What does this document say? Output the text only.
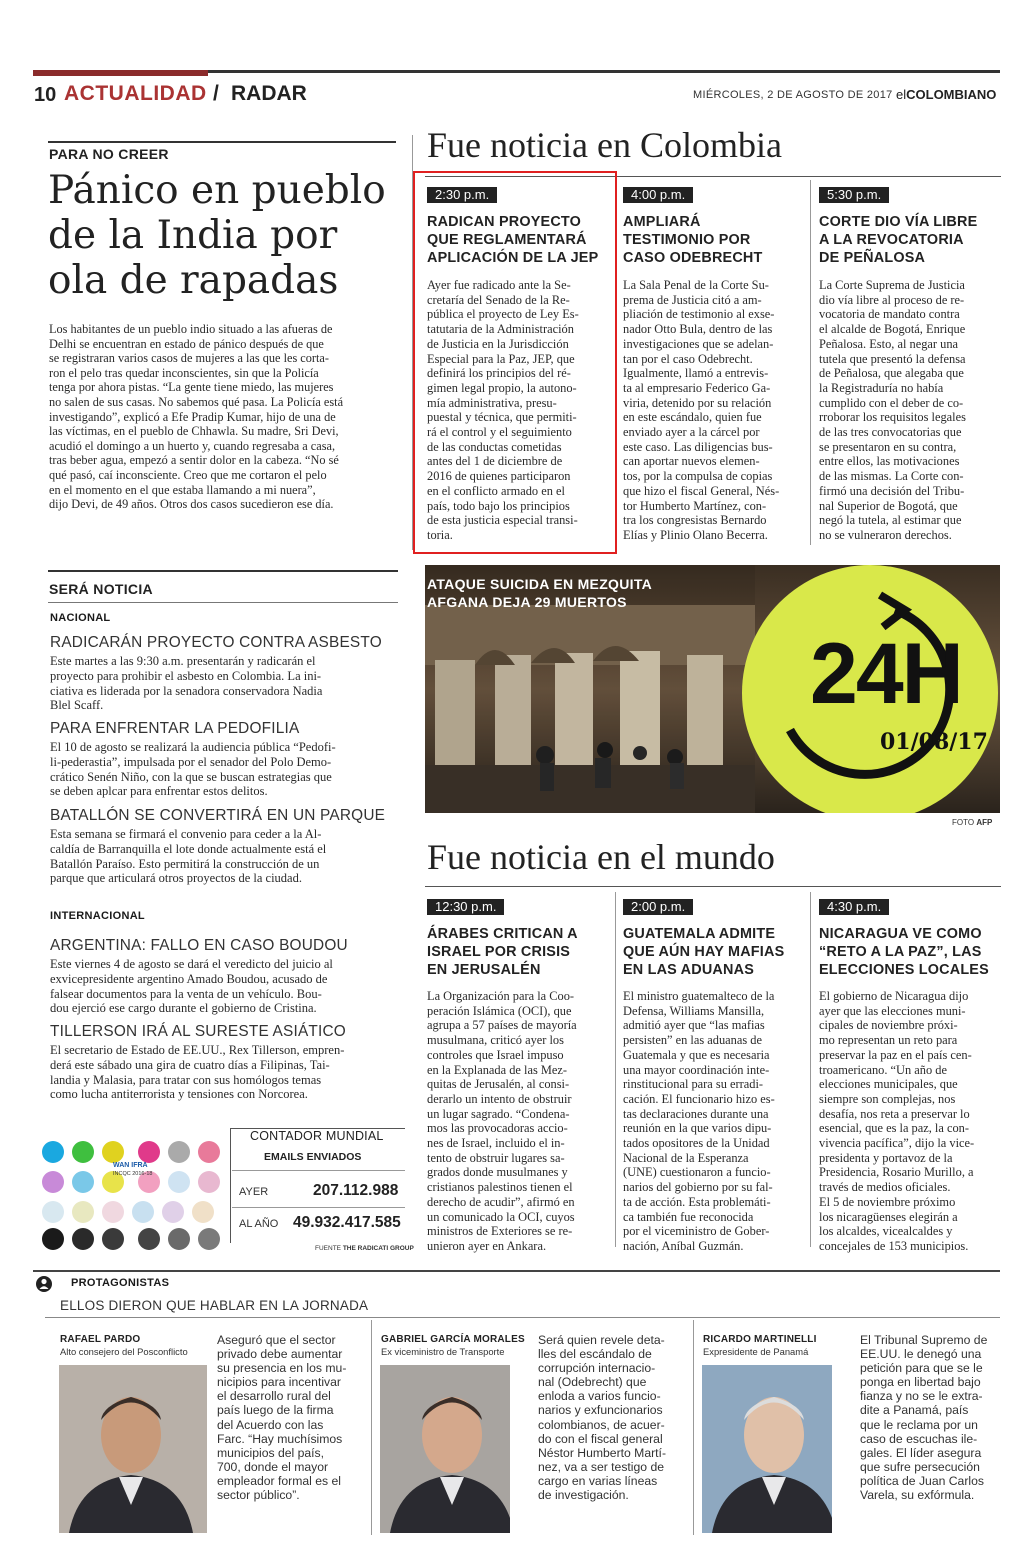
10 ACTUALIDAD / RADAR	MIÉRCOLES, 2 DE AGOSTO DE 2017 elCOLOMBIANO
PARA NO CREER
Pánico en pueblo
de la India por
ola de rapadas
Los habitantes de un pueblo indio situado a las afueras de
Delhi se encuentran en estado de pánico después de que
se registraran varios casos de mujeres a las que les corta-
ron el pelo tras quedar inconscientes, sin que la Policía
tenga por ahora pistas. “La gente tiene miedo, las mujeres
no salen de sus casas. No sabemos qué pasa. La Policía está
investigando”, explicó a Efe Pradip Kumar, hijo de una de
las víctimas, en el pueblo de Chhawla. Su madre, Sri Devi,
acudió el domingo a un huerto y, cuando regresaba a casa,
tras beber agua, empezó a sentir dolor en la cabeza. “No sé
qué pasó, caí inconsciente. Creo que me cortaron el pelo
en el momento en el que estaba llamando a mi nuera”,
dijo Devi, de 49 años. Otros dos casos sucedieron ese día.
Fue noticia en Colombia
2:30 p.m.
RADICAN PROYECTO
QUE REGLAMENTARÁ
APLICACIÓN DE LA JEP
Ayer fue radicado ante la Se-
cretaría del Senado de la Re-
pública el proyecto de Ley Es-
tatutaria de la Administración
de Justicia en la Jurisdicción
Especial para la Paz, JEP, que
definirá los principios del ré-
gimen legal propio, la autono-
mía administrativa, presu-
puestal y técnica, que permiti-
rá el control y el seguimiento
de las conductas cometidas
antes del 1 de diciembre de
2016 de quienes participaron
en el conflicto armado en el
país, todo bajo los principios
de esta justicia especial transi-
toria.
4:00 p.m.
AMPLIARÁ
TESTIMONIO POR
CASO ODEBRECHT
La Sala Penal de la Corte Su-
prema de Justicia citó a am-
pliación de testimonio al exse-
nador Otto Bula, dentro de las
investigaciones que se adelan-
tan por el caso Odebrecht.
Igualmente, llamó a entrevis-
ta al empresario Federico Ga-
viria, detenido por su relación
en este escándalo, quien fue
enviado ayer a la cárcel por
este caso. Las diligencias bus-
can aportar nuevos elemen-
tos, por la compulsa de copias
que hizo el fiscal General, Nés-
tor Humberto Martínez, con-
tra los congresistas Bernardo
Elías y Plinio Olano Becerra.
5:30 p.m.
CORTE DIO VÍA LIBRE
A LA REVOCATORIA
DE PEÑALOSA
La Corte Suprema de Justicia
dio vía libre al proceso de re-
vocatoria de mandato contra
el alcalde de Bogotá, Enrique
Peñalosa. Esto, al negar una
tutela que presentó la defensa
de Peñalosa, que alegaba que
la Registraduría no había
cumplido con el deber de co-
rroborar los requisitos legales
de las tres convocatorias que
se presentaron en su contra,
entre ellos, las motivaciones
de las mismas. La Corte con-
firmó una decisión del Tribu-
nal Superior de Bogotá, que
negó la tutela, al estimar que
no se vulneraron derechos.
SERÁ NOTICIA
NACIONAL
RADICARÁN PROYECTO CONTRA ASBESTO
Este martes a las 9:30 a.m. presentarán y radicarán el
proyecto para prohibir el asbesto en Colombia. La ini-
ciativa es liderada por la senadora conservadora Nadia
Blel Scaff.
PARA ENFRENTAR LA PEDOFILIA
El 10 de agosto se realizará la audiencia pública “Pedofi-
li-pederastia”, impulsada por el senador del Polo Demo-
crático Senén Niño, con la que se buscan estrategias que
se deben aplcar para enfrentar estos delitos.
BATALLÓN SE CONVERTIRÁ EN UN PARQUE
Esta semana se firmará el convenio para ceder a la Al-
caldía de Barranquilla el lote donde actualmente está el
Batallón Paraíso. Esto permitirá la construcción de un
parque que articulará otros proyectos de la ciudad.
INTERNACIONAL
ARGENTINA: FALLO EN CASO BOUDOU
Este viernes 4 de agosto se dará el veredicto del juicio al
exvicepresidente argentino Amado Boudou, acusado de
falsear documentos para la venta de un vehículo. Bou-
dou ejerció ese cargo durante el gobierno de Cristina.
TILLERSON IRÁ AL SURESTE ASIÁTICO
El secretario de Estado de EE.UU., Rex Tillerson, empren-
derá este sábado una gira de cuatro días a Filipinas, Tai-
landia y Malasia, para tratar con sus homólogos temas
como lucha antiterrorista y tensiones con Norcorea.
ATAQUE SUICIDA EN MEZQUITA
AFGANA DEJA 29 MUERTOS
24H
01/08/17
FOTO AFP
Fue noticia en el mundo
12:30 p.m.
ÁRABES CRITICAN A
ISRAEL POR CRISIS
EN JERUSALÉN
La Organización para la Coo-
peración Islámica (OCI), que
agrupa a 57 países de mayoría
musulmana, criticó ayer los
controles que Israel impuso
en la Explanada de las Mez-
quitas de Jerusalén, al consi-
derarlo un intento de obstruir
un lugar sagrado. “Condena-
mos las provocadoras accio-
nes de Israel, incluido el in-
tento de obstruir lugares sa-
grados donde musulmanes y
cristianos palestinos tienen el
derecho de acudir”, afirmó en
un comunicado la OCI, cuyos
ministros de Exteriores se re-
unieron ayer en Ankara.
2:00 p.m.
GUATEMALA ADMITE
QUE AÚN HAY MAFIAS
EN LAS ADUANAS
El ministro guatemalteco de la
Defensa, Williams Mansilla,
admitió ayer que “las mafias
persisten” en las aduanas de
Guatemala y que es necesaria
una mayor coordinación inte-
rinstitucional para su erradi-
cación. El funcionario hizo es-
tas declaraciones durante una
reunión en la que varios dipu-
tados opositores de la Unidad
Nacional de la Esperanza
(UNE) cuestionaron a funcio-
narios del gobierno por su fal-
ta de acción. Esta problemáti-
ca también fue reconocida
por el viceministro de Gober-
nación, Aníbal Guzmán.
4:30 p.m.
NICARAGUA VE COMO
“RETO A LA PAZ”, LAS
ELECCIONES LOCALES
El gobierno de Nicaragua dijo
ayer que las elecciones muni-
cipales de noviembre próxi-
mo representan un reto para
preservar la paz en el país cen-
troamericano. “Un año de
elecciones municipales, que
siempre son complejas, nos
desafía, nos reta a preservar lo
esencial, que es la paz, la con-
vivencia pacífica”, dijo la vice-
presidenta y portavoz de la
Presidencia, Rosario Murillo, a
través de medios oficiales.
El 5 de noviembre próximo
los nicaragüenses elegirán a
los alcaldes, vicealcaldes y
concejales de 153 municipios.
WAN IFRA
INCQC 2016-18
CONTADOR MUNDIAL
EMAILS ENVIADOS
AYER	207.112.988
AL AÑO 49.932.417.585
FUENTE THE RADICATI GROUP
PROTAGONISTAS
ELLOS DIERON QUE HABLAR EN LA JORNADA
RAFAEL PARDO
Alto consejero del Posconflicto
Aseguró que el sector
privado debe aumentar
su presencia en los mu-
nicipios para incentivar
el desarrollo rural del
país luego de la firma
del Acuerdo con las
Farc. “Hay muchísimos
municipios del país,
700, donde el mayor
empleador formal es el
sector público”.
GABRIEL GARCÍA MORALES
Ex viceministro de Transporte
Será quien revele deta-
lles del escándalo de
corrupción internacio-
nal (Odebrecht) que
enloda a varios funcio-
narios y exfuncionarios
colombianos, de acuer-
do con el fiscal general
Néstor Humberto Martí-
nez, va a ser testigo de
cargo en varias líneas
de investigación.
RICARDO MARTINELLI
Expresidente de Panamá
El Tribunal Supremo de
EE.UU. le denegó una
petición para que se le
ponga en libertad bajo
fianza y no se le extra-
dite a Panamá, país
que le reclama por un
caso de escuchas ile-
gales. El líder asegura
que sufre persecución
política de Juan Carlos
Varela, su exfórmula.
